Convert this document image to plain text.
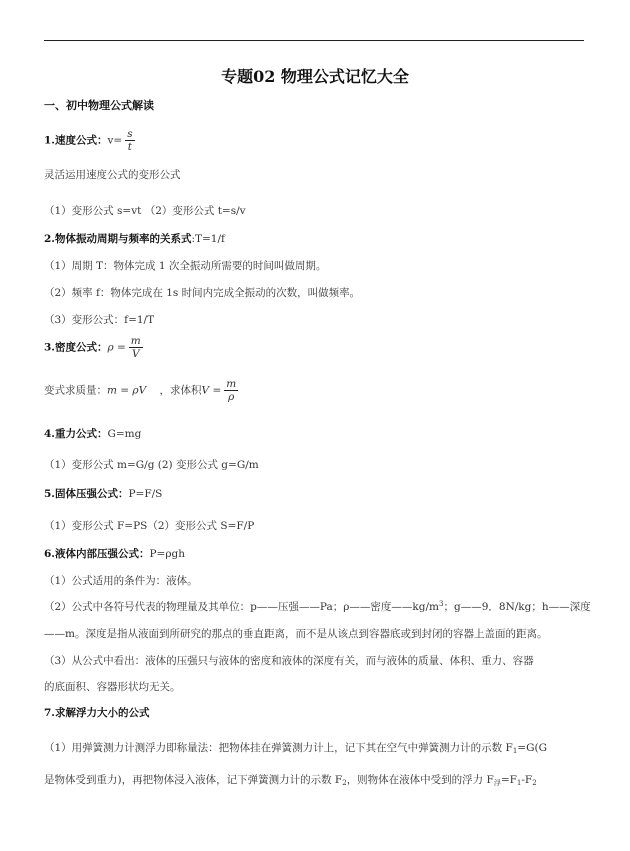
专题02 物理公式记忆大全
一、初中物理公式解读
1.速度公式：$v= \frac{s}{t}$
灵活运用速度公式的变形公式
（1）变形公式 s=vt （2）变形公式 t=s/v
2.物体振动周期与频率的关系式:T=1/f
（1）周期 T：物体完成 1 次全振动所需要的时间叫做周期。
（2）频率 f：物体完成在 1s 时间内完成全振动的次数，叫做频率。
（3）变形公式：f=1/T
3.密度公式：$\rho = \frac{m}{V}$
变式求质量：m = ρV ，求体积$V = \frac{m}{\rho}$
4.重力公式：G=mg
（1）变形公式 m=G/g (2) 变形公式 g=G/m
5.固体压强公式：P=F/S
（1）变形公式 F=PS（2）变形公式 S=F/P
6.液体内部压强公式：P=ρgh
（1）公式适用的条件为：液体。
（2）公式中各符号代表的物理量及其单位：p——压强——Pa；ρ——密度$——kg/m^3$；g——9．8N/kg；h——深度
——m。深度是指从液面到所研究的那点的垂直距离，而不是从该点到容器底或到封闭的容器上盖面的距离。
（3）从公式中看出：液体的压强只与液体的密度和液体的深度有关，而与液体的质量、体积、重力、容器
的底面积、容器形状均无关。
7.求解浮力大小的公式
（1）用弹簧测力计测浮力即称量法：把物体挂在弹簧测力计上，记下其在空气中弹簧测力计的示数 $F_1=G(G$
是物体受到重力)，再把物体浸入液体，记下弹簧测力计的示数 $F_2$，则物体在液体中受到的浮力 $F_浮=F_1-F_2$
